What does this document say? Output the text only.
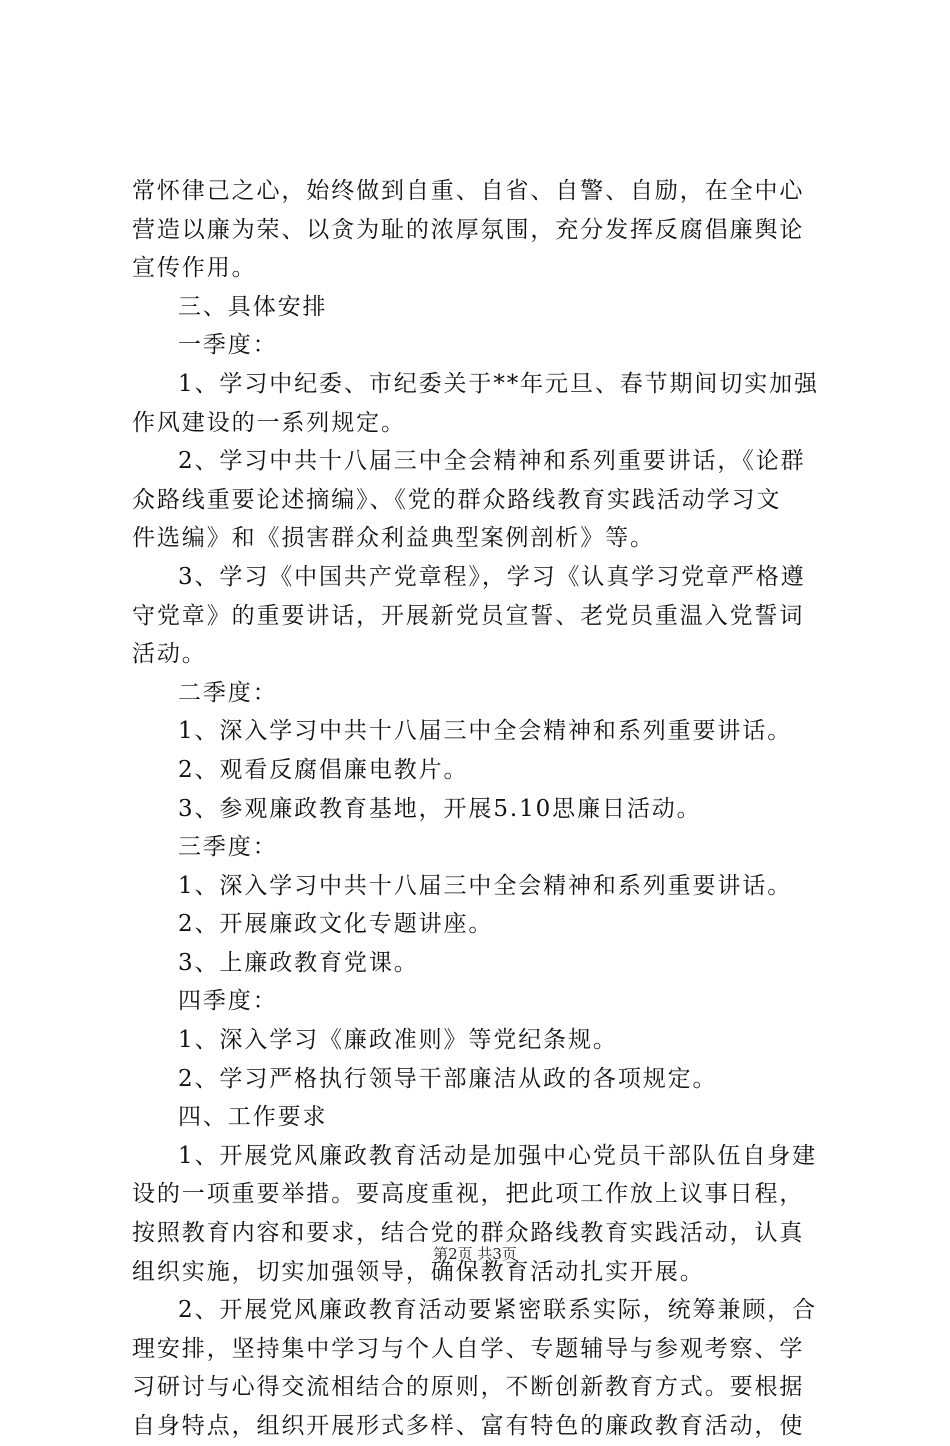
常怀律己之心，始终做到自重、自省、自警、自励，在全中心
营造以廉为荣、以贪为耻的浓厚氛围，充分发挥反腐倡廉舆论
宣传作用。
三、具体安排
一季度：
1、学习中纪委、市纪委关于**年元旦、春节期间切实加强
作风建设的一系列规定。
2、学习中共十八届三中全会精神和系列重要讲话，《论群
众路线重要论述摘编》、《党的群众路线教育实践活动学习文
件选编》和《损害群众利益典型案例剖析》等。
3、学习《中国共产党章程》，学习《认真学习党章严格遵
守党章》的重要讲话，开展新党员宣誓、老党员重温入党誓词
活动。
二季度：
1、深入学习中共十八届三中全会精神和系列重要讲话。
2、观看反腐倡廉电教片。
3、参观廉政教育基地，开展5.10思廉日活动。
三季度：
1、深入学习中共十八届三中全会精神和系列重要讲话。
2、开展廉政文化专题讲座。
3、上廉政教育党课。
四季度：
1、深入学习《廉政准则》等党纪条规。
2、学习严格执行领导干部廉洁从政的各项规定。
四、工作要求
1、开展党风廉政教育活动是加强中心党员干部队伍自身建
设的一项重要举措。要高度重视，把此项工作放上议事日程，
按照教育内容和要求，结合党的群众路线教育实践活动，认真
组织实施，切实加强领导，确保教育活动扎实开展。
2、开展党风廉政教育活动要紧密联系实际，统筹兼顾，合
理安排，坚持集中学习与个人自学、专题辅导与参观考察、学
习研讨与心得交流相结合的原则，不断创新教育方式。要根据
自身特点，组织开展形式多样、富有特色的廉政教育活动，使
第2页 共3页
